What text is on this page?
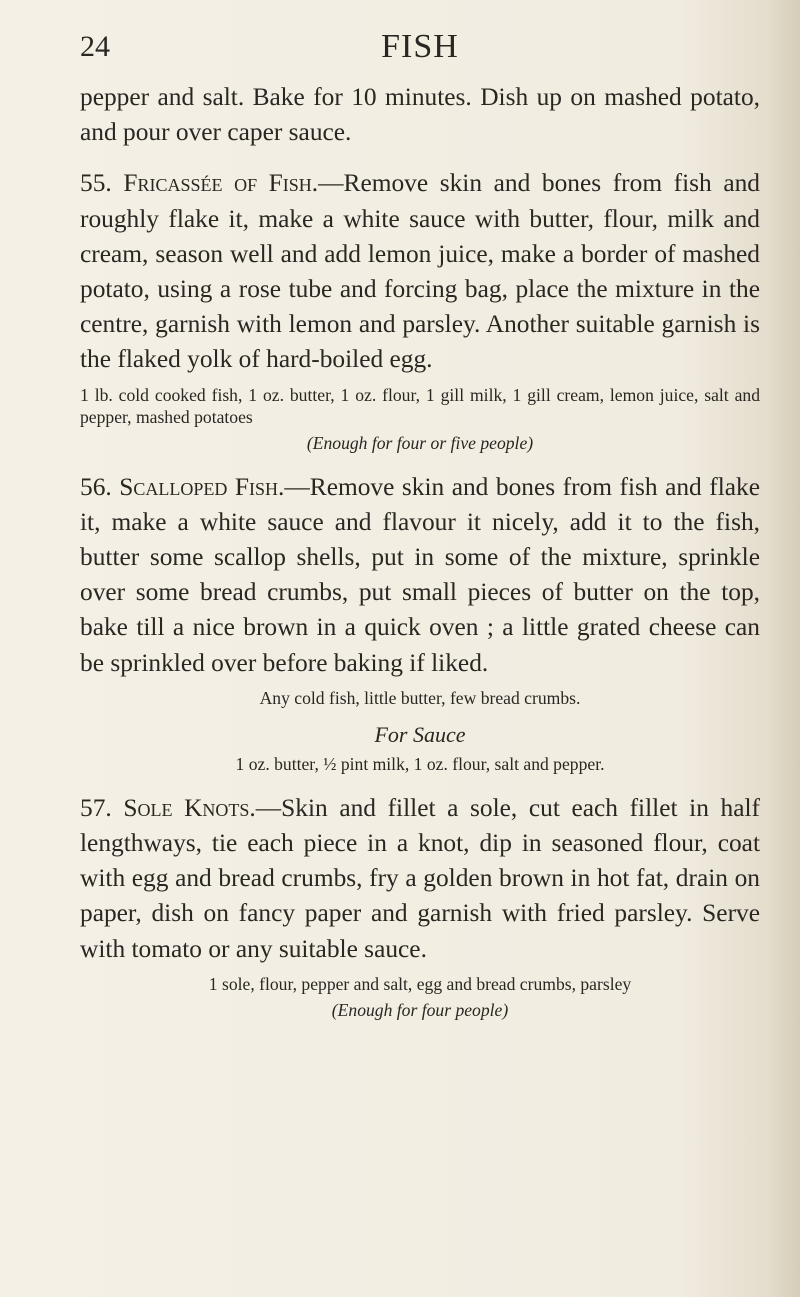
24	FISH

pepper and salt. Bake for 10 minutes. Dish up on mashed potato, and pour over caper sauce.

55. Fricassée of Fish.—Remove skin and bones from fish and roughly flake it, make a white sauce with butter, flour, milk and cream, season well and add lemon juice, make a border of mashed potato, using a rose tube and forcing bag, place the mixture in the centre, garnish with lemon and parsley. Another suitable garnish is the flaked yolk of hard-boiled egg.

1 lb. cold cooked fish, 1 oz. butter, 1 oz. flour, 1 gill milk, 1 gill cream, lemon juice, salt and pepper, mashed potatoes

(Enough for four or five people)

56. Scalloped Fish.—Remove skin and bones from fish and flake it, make a white sauce and flavour it nicely, add it to the fish, butter some scallop shells, put in some of the mixture, sprinkle over some bread crumbs, put small pieces of butter on the top, bake till a nice brown in a quick oven ; a little grated cheese can be sprinkled over before baking if liked.

Any cold fish, little butter, few bread crumbs.

For Sauce

1 oz. butter, ½ pint milk, 1 oz. flour, salt and pepper.

57. Sole Knots.—Skin and fillet a sole, cut each fillet in half lengthways, tie each piece in a knot, dip in seasoned flour, coat with egg and bread crumbs, fry a golden brown in hot fat, drain on paper, dish on fancy paper and garnish with fried parsley. Serve with tomato or any suitable sauce.

1 sole, flour, pepper and salt, egg and bread crumbs, parsley

(Enough for four people)
